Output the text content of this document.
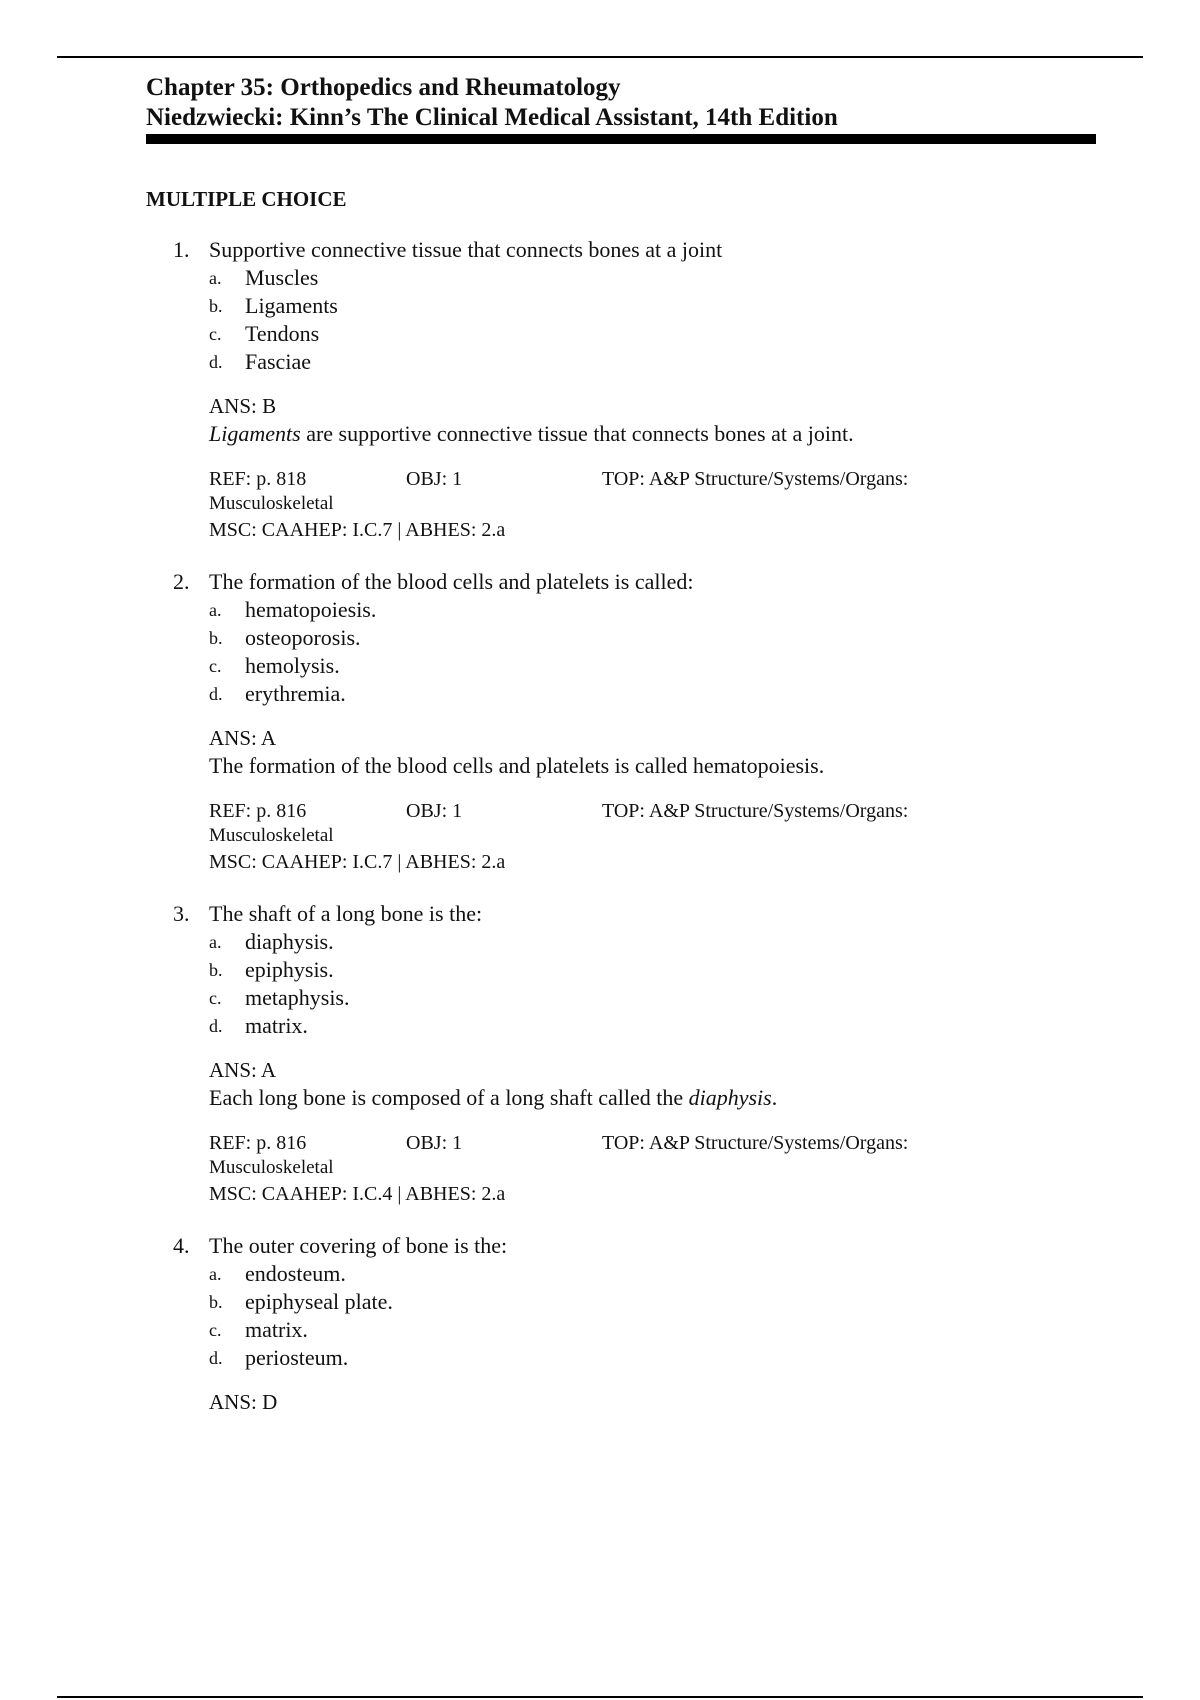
Chapter 35: Orthopedics and Rheumatology
Niedzwiecki: Kinn’s The Clinical Medical Assistant, 14th Edition
MULTIPLE CHOICE
1. Supportive connective tissue that connects bones at a joint
a. Muscles
b. Ligaments
c. Tendons
d. Fasciae
ANS: B
Ligaments are supportive connective tissue that connects bones at a joint.
REF: p. 818	OBJ: 1	TOP: A&P Structure/Systems/Organs:
Musculoskeletal
MSC: CAAHEP: I.C.7 | ABHES: 2.a
2. The formation of the blood cells and platelets is called:
a. hematopoiesis.
b. osteoporosis.
c. hemolysis.
d. erythremia.
ANS: A
The formation of the blood cells and platelets is called hematopoiesis.
REF: p. 816	OBJ: 1	TOP: A&P Structure/Systems/Organs:
Musculoskeletal
MSC: CAAHEP: I.C.7 | ABHES: 2.a
3. The shaft of a long bone is the:
a. diaphysis.
b. epiphysis.
c. metaphysis.
d. matrix.
ANS: A
Each long bone is composed of a long shaft called the diaphysis.
REF: p. 816	OBJ: 1	TOP: A&P Structure/Systems/Organs:
Musculoskeletal
MSC: CAAHEP: I.C.4 | ABHES: 2.a
4. The outer covering of bone is the:
a. endosteum.
b. epiphyseal plate.
c. matrix.
d. periosteum.
ANS: D
